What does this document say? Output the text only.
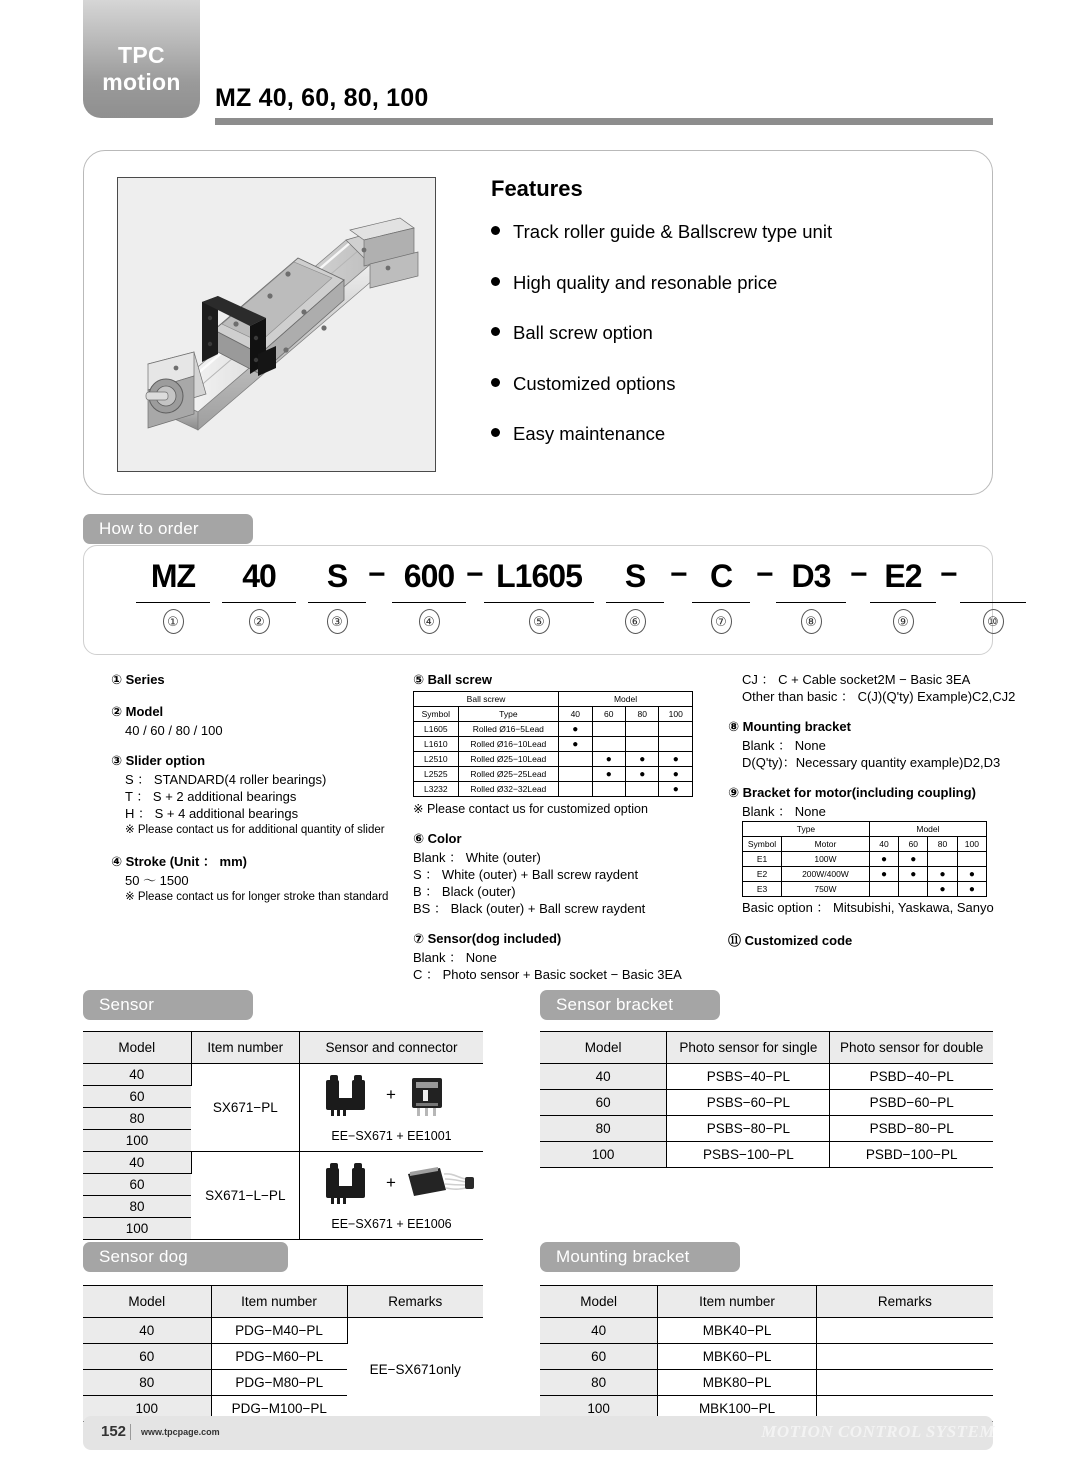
TPC
motion
MZ 40, 60, 80, 100
Features
Track roller guide & Ballscrew type unit
High quality and resonable price
Ball screw option
Customized options
Easy maintenance
How to order
MZ
①
40
②
S
③
− 600
④
− L1605
⑤
S
⑥
− C
⑦
− D3
⑧
− E2
⑨
−
⑩
① Series
② Model
40 / 60 / 80 / 100
③ Slider option
S ： STANDARD(4 roller bearings)
T ： S + 2 additional bearings
H ： S + 4 additional bearings
※ Please contact us for additional quantity of slider
④ Stroke (Unit ： mm)
50 〜 1500
※ Please contact us for longer stroke than standard
⑤ Ball screw
Ball screw		Model			
Symbol	Type	40	60	80	100
L1605	Rolled Ø16−5Lead	●			
L1610	Rolled Ø16−10Lead	●			
L2510	Rolled Ø25−10Lead		●	●	●
L2525	Rolled Ø25−25Lead		●	●	●
L3232	Rolled Ø32−32Lead				●
※ Please contact us for customized option
⑥ Color
Blank ： White (outer)
S ： White (outer) + Ball screw raydent
B ： Black (outer)
BS ： Black (outer) + Ball screw raydent
⑦ Sensor(dog included)
Blank ： None
C ： Photo sensor + Basic socket − Basic 3EA
CJ ： C + Cable socket2M − Basic 3EA
Other than basic ： C(J)(Q'ty) Example)C2,CJ2
⑧ Mounting bracket
Blank ： None
D(Q'ty)：Necessary quantity example)D2,D3
⑨ Bracket for motor(including coupling)
Blank ： None
Type		Model			
Symbol	Motor	40	60	80	100
E1	100W	●	●		
E2	200W/400W	●	●	●	●
E3	750W			●	●
Basic option ： Mitsubishi, Yaskawa, Sanyo
⑪ Customized code
Sensor
Model	Item number	Sensor and connector
40	SX671−PL	+
EE−SX671 + EE1001

60		
80		
100		
40	SX671−L−PL	+
EE−SX671 + EE1006

60		
80		
100		
Sensor bracket
Model	Photo sensor for single	Photo sensor for double
40	PSBS−40−PL	PSBD−40−PL
60	PSBS−60−PL	PSBD−60−PL
80	PSBS−80−PL	PSBD−80−PL
100	PSBS−100−PL	PSBD−100−PL
Sensor dog
Model	Item number	Remarks
40	PDG−M40−PL	EE−SX671only
60	PDG−M60−PL	
80	PDG−M80−PL	
100	PDG−M100−PL	
Mounting bracket
Model	Item number	Remarks
40	MBK40−PL	
60	MBK60−PL	
80	MBK80−PL	
100	MBK100−PL	
152 www.tpcpage.com	MOTION CONTROL SYSTEM
